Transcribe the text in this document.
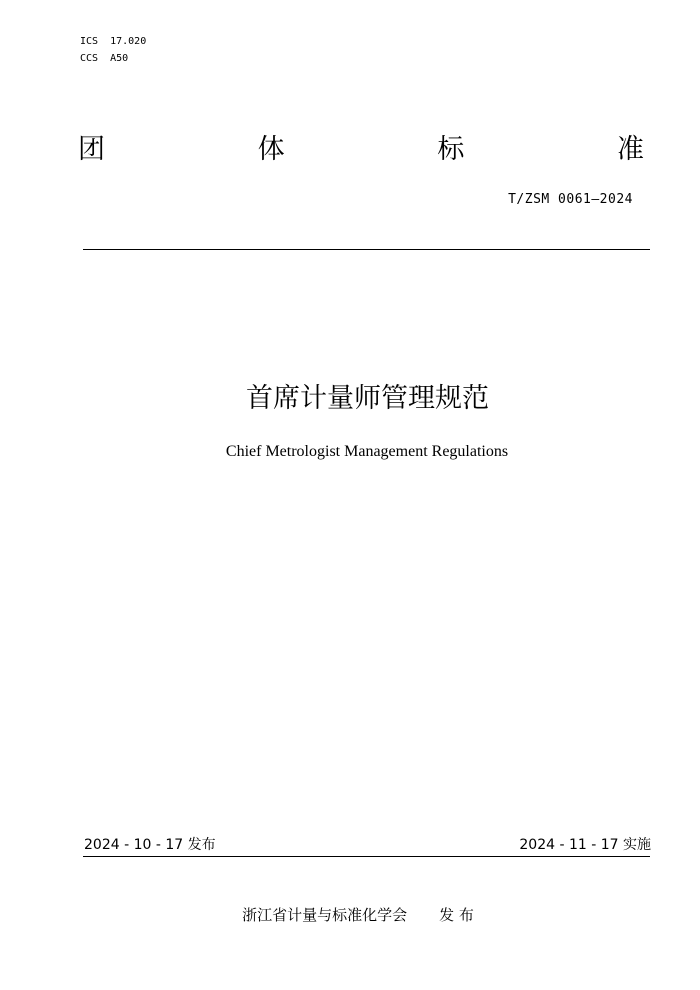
ICS  17.020
CCS  A50
团	体	标	准
T/ZSM 0061—2024
首席计量师管理规范
Chief Metrologist Management Regulations
2024 - 10 - 17 发布	2024 - 11 - 17 实施
浙江省计量与标准化学会 发 布
